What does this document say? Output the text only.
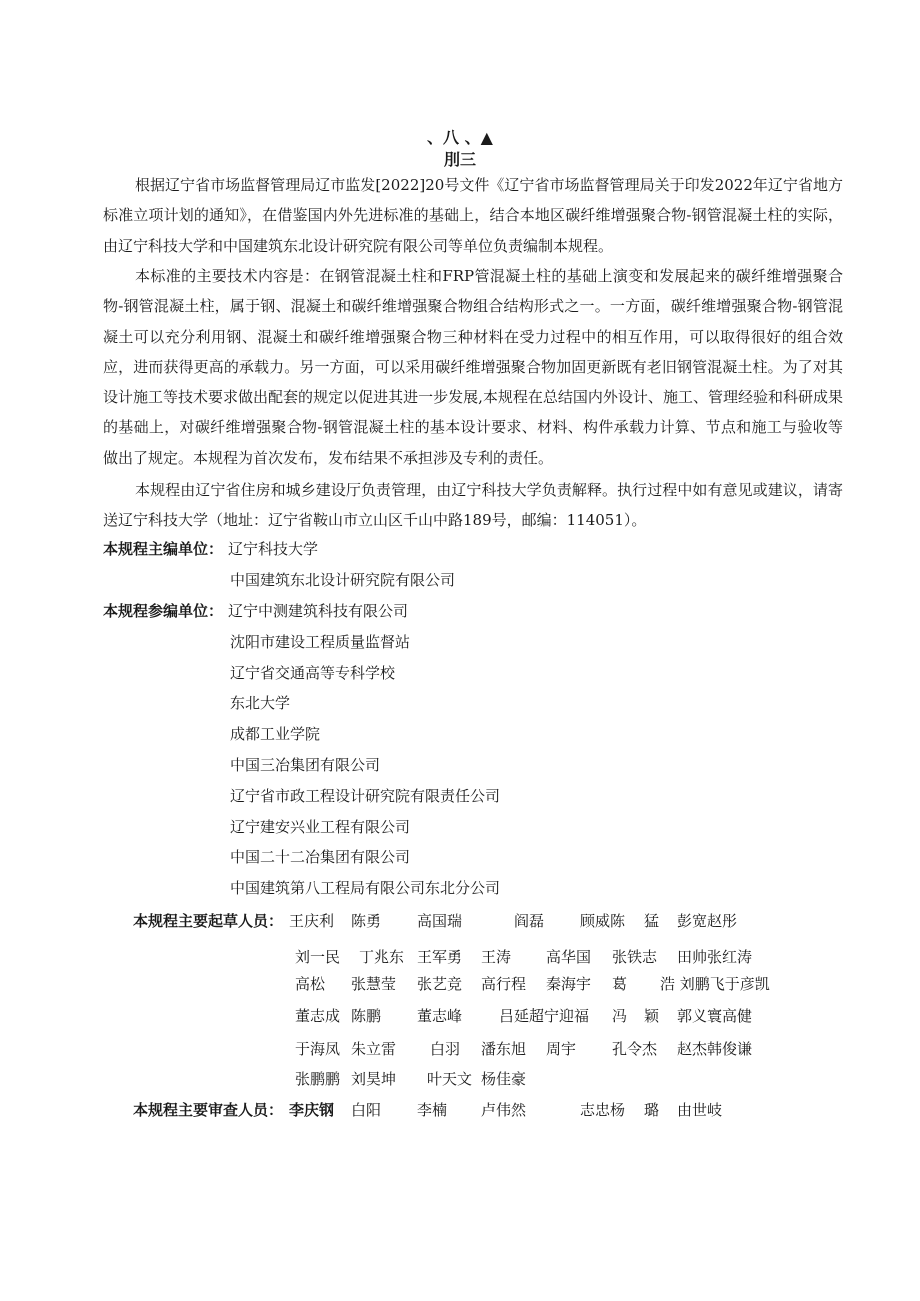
、八 、▲
刖三
根据辽宁省市场监督管理局辽市监发[2022]20号文件《辽宁省市场监督管理局关于印发2022年辽宁省地方标准立项计划的通知》，在借鉴国内外先进标准的基础上，结合本地区碳纤维增强聚合物-钢管混凝土柱的实际，由辽宁科技大学和中国建筑东北设计研究院有限公司等单位负责编制本规程。
本标准的主要技术内容是：在钢管混凝土柱和FRP管混凝土柱的基础上演变和发展起来的碳纤维增强聚合物-钢管混凝土柱，属于钢、混凝土和碳纤维增强聚合物组合结构形式之一。一方面，碳纤维增强聚合物-钢管混凝土可以充分利用钢、混凝土和碳纤维增强聚合物三种材料在受力过程中的相互作用，可以取得很好的组合效应，进而获得更高的承载力。另一方面，可以采用碳纤维增强聚合物加固更新既有老旧钢管混凝土柱。为了对其设计施工等技术要求做出配套的规定以促进其进一步发展,本规程在总结国内外设计、施工、管理经验和科研成果的基础上，对碳纤维增强聚合物-钢管混凝土柱的基本设计要求、材料、构件承载力计算、节点和施工与验收等做出了规定。本规程为首次发布，发布结果不承担涉及专利的责任。
本规程由辽宁省住房和城乡建设厅负责管理，由辽宁科技大学负责解释。执行过程中如有意见或建议，请寄送辽宁科技大学（地址：辽宁省鞍山市立山区千山中路189号，邮编：114051）。
本规程主编单位： 辽宁科技大学
中国建筑东北设计研究院有限公司
本规程参编单位： 辽宁中测建筑科技有限公司
沈阳市建设工程质量监督站
辽宁省交通高等专科学校
东北大学
成都工业学院
中国三冶集团有限公司
辽宁省市政工程设计研究院有限责任公司
辽宁建安兴业工程有限公司
中国二十二冶集团有限公司
中国建筑第八工程局有限公司东北分公司
本规程主要起草人员： 王庆利 陈勇 高国瑞	阎磊 顾威陈 猛 彭宽赵彤
刘一民 丁兆东 王军勇 王涛 高华国 张铁志 田帅张红涛
高松 张慧莹 张艺竞 高行程 秦海宇 葛 浩 刘鹏飞于彦凯
董志成 陈鹏 董志峰 吕延超宁迎福 冯 颖 郭义寰高健
于海凤 朱立雷 白羽 潘东旭 周宇 孔令杰 赵杰韩俊谦
张鹏鹏 刘昊坤 叶天文 杨佳豪
本规程主要审查人员： 李庆钢 白阳 李楠 卢伟然	志忠杨 璐 由世岐
